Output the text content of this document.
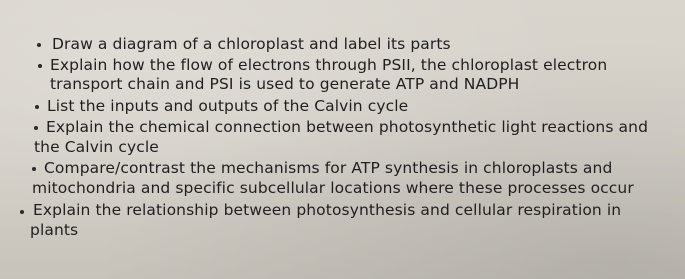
Draw a diagram of a chloroplast and label its parts
Explain how the flow of electrons through PSII, the chloroplast electron
transport chain and PSI is used to generate ATP and NADPH
List the inputs and outputs of the Calvin cycle
Explain the chemical connection between photosynthetic light reactions and
the Calvin cycle
Compare/contrast the mechanisms for ATP synthesis in chloroplasts and
mitochondria and specific subcellular locations where these processes occur
Explain the relationship between photosynthesis and cellular respiration in
plants
